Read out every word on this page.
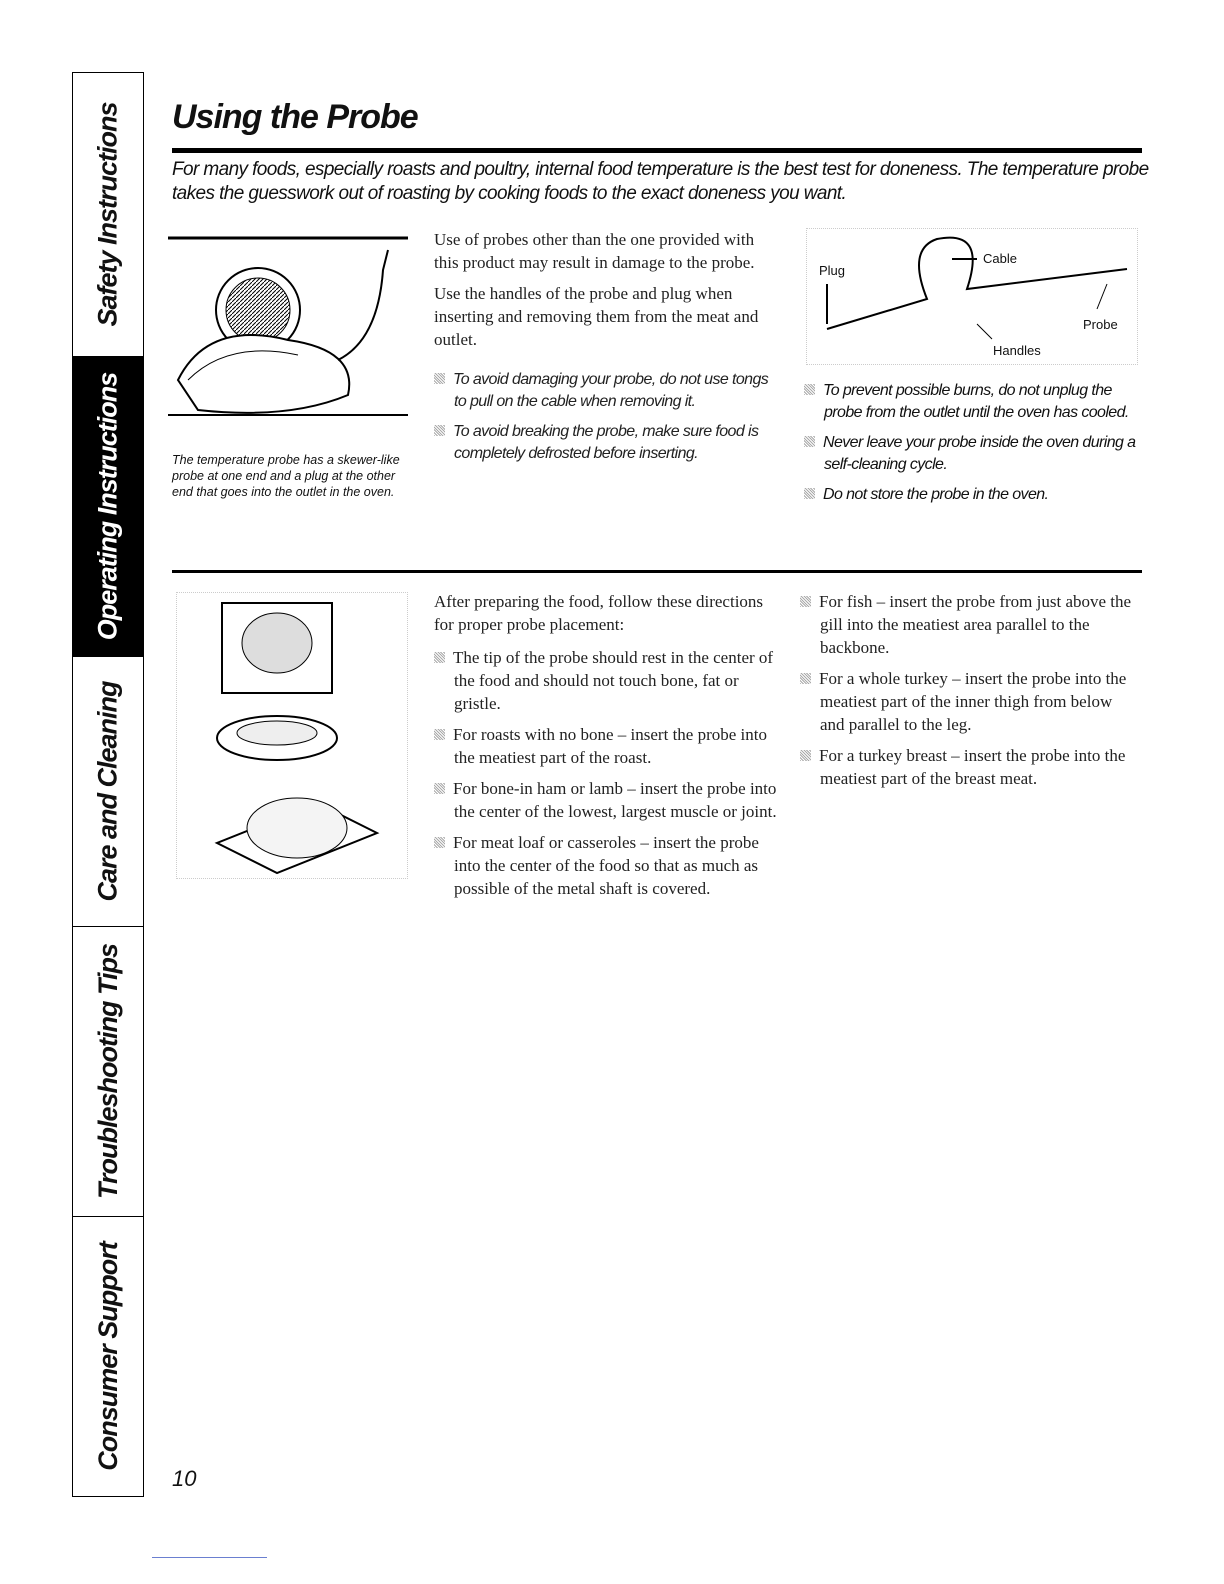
Safety Instructions
Operating Instructions
Care and Cleaning
Troubleshooting Tips
Consumer Support
Using the Probe
For many foods, especially roasts and poultry, internal food temperature is the best test for doneness. The temperature probe takes the guesswork out of roasting by cooking foods to the exact doneness you want.
The temperature probe has a skewer-like probe at one end and a plug at the other end that goes into the outlet in the oven.

Use of probes other than the one provided with this product may result in damage to the probe.

Use the handles of the probe and plug when inserting and removing them from the meat and outlet.

To avoid damaging your probe, do not use tongs to pull on the cable when removing it.

To avoid breaking the probe, make sure food is completely defrosted before inserting.

Cable
Plug
Probe
Handles

To prevent possible burns, do not unplug the probe from the outlet until the oven has cooled.

Never leave your probe inside the oven during a self-cleaning cycle.

Do not store the probe in the oven.

After preparing the food, follow these directions for proper probe placement:

The tip of the probe should rest in the center of the food and should not touch bone, fat or gristle.

For roasts with no bone – insert the probe into the meatiest part of the roast.

For bone-in ham or lamb – insert the probe into the center of the lowest, largest muscle or joint.

For meat loaf or casseroles – insert the probe into the center of the food so that as much as possible of the metal shaft is covered.

For fish – insert the probe from just above the gill into the meatiest area parallel to the backbone.

For a whole turkey – insert the probe into the meatiest part of the inner thigh from below and parallel to the leg.

For a turkey breast – insert the probe into the meatiest part of the breast meat.

10
